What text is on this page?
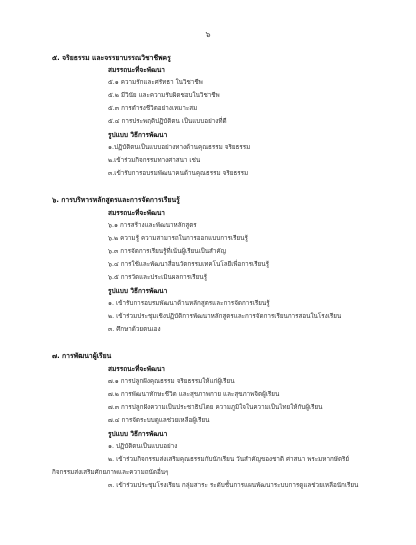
๖
๕. จริยธรรม และจรรยาบรรณวิชาชีพครู
สมรรถนะที่จะพัฒนา
๕.๑ ความรักและศรัทธา ในวิชาชีพ
๕.๒ มีวินัย และความรับผิดชอบในวิชาชีพ
๕.๓ การดำรงชีวิตอย่างเหมาะสม
๕.๔ การประพฤติปฏิบัติตน เป็นแบบอย่างที่ดี
รูปแบบ วิธีการพัฒนา
๑.ปฏิบัติตนเป็นแบบอย่างทางด้านคุณธรรม จริยธรรม
๒.เข้าร่วมกิจกรรมทางศาสนา เช่น
๓.เข้ารับการอบรมพัฒนาคนด้านคุณธรรม จริยธรรม
๖. การบริหารหลักสูตรและการจัดการเรียนรู้
สมรรถนะที่จะพัฒนา
๖.๑ การสร้างและพัฒนาหลักสูตร
๖.๒ ความรู้ ความสามารถในการออกแบบการเรียนรู้
๖.๓ การจัดการเรียนรู้ที่เน้นผู้เรียนเป็นสำคัญ
๖.๔ การใช้และพัฒนาสื่อนวัตกรรมเทคโนโลยีเพื่อการเรียนรู้
๖.๕ การวัดและประเมินผลการเรียนรู้
รูปแบบ วิธีการพัฒนา
๑. เข้ารับการอบรมพัฒนาด้านหลักสูตรและการจัดการเรียนรู้
๒. เข้าร่วมประชุมเชิงปฏิบัติการพัฒนาหลักสูตรและการจัดการเรียนการสอนในโรงเรียน
๓. ศึกษาด้วยตนเอง
๗. การพัฒนาผู้เรียน
สมรรถนะที่จะพัฒนา
๗.๑ การปลูกฝังคุณธรรม จริยธรรมให้แก่ผู้เรียน
๗.๒ การพัฒนาทักษะชีวิต และสุขภาพกาย และสุขภาพจิตผู้เรียน
๗.๓ การปลูกฝังความเป็นประชาธิปไตย ความภูมิใจในความเป็นไทยให้กับผู้เรียน
๗.๔ การจัดระบบดูแลช่วยเหลือผู้เรียน
รูปแบบ วิธีการพัฒนา
๑. ปฏิบัติตนเป็นแบบอย่าง
๒. เข้าร่วมกิจกรรมส่งเสริมคุณธรรมกับนักเรียน วันสำคัญของชาติ ศาสนา พระมหากษัตริย์
กิจกรรมส่งเสริมศักยภาพและความถนัดอื่นๆ
๓. เข้าร่วมประชุมโรงเรียน กลุ่มสาระ ระดับชั้นการแผนพัฒนาระบบการดูแลช่วยเหลือนักเรียน
